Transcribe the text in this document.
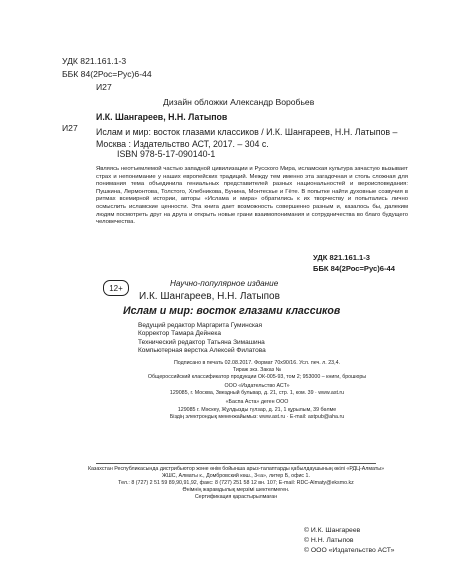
УДК 821.161.1-3
ББК 84(2Рос=Рус)6-44
И27
Дизайн обложки Александр Воробьев
И27
И.К. Шангареев, Н.Н. Латыпов
Ислам и мир: восток глазами классиков / И.К. Шангареев, Н.Н. Латыпов – Москва : Издательство АСТ, 2017. – 304 с.
ISBN 978-5-17-090140-1
Являясь неотъемлемой частью западной цивилизации и Русского Мира, исламская культура зачастую вызывает страх и непонимание у наших европейских традиций. Между тем именно эта загадочная и столь сложная для понимания тема объединила гениальных представителей разных национальностей и вероисповедания: Пушкина, Лермонтова, Толстого, Хлебникова, Бунина, Монтескье и Гёте. В попытке найти духовные созвучия в ритмах всемирной истории, авторы «Ислама и мира» обратились к их творчеству и попытались лично осмыслить исламские ценности. Эта книга дает возможность совершенно разным и, казалось бы, далеким людям посмотреть друг на друга и открыть новые грани взаимопонимания и сотрудничества во благо будущего человечества.
УДК 821.161.1-3
ББК 84(2Рос=Рус)6-44
12+	Научно-популярное издание
И.К. Шангареев, Н.Н. Латыпов
Ислам и мир: восток глазами классиков
Ведущий редактор Маргарита Гуминская
Корректор Тамара Дейнека
Технический редактор Татьяна Зимашина
Компьютерная верстка Алексей Филатова
Подписано в печать 02.08.2017. Формат 70х90/16. Усл. печ. л. 23,4.
Тираж экз. Заказ №
Общероссийский классификатор продукции ОК-005-93, том 2; 953000 – книги, брошюры
ООО «Издательство АСТ»
129085, г. Москва, Звездный бульвар, д. 21, стр. 1, ком. 39 · www.ast.ru
«Баспа Аста» деген ООО
129085 г. Мәскеу, Жұлдызды гүлзар, д. 21, 1 құрылым, 39 бөлме
Біздің электрондық мекенжайымыз: www.ast.ru · E-mail: astpub@aha.ru
Казахстан Республикасында дистрибьютор және өнім бойынша арыз-талаптарды қабылдаушының өкілі «РДЦ-Алматы»
ЖШС, Алматы к., Домбровский көш., 3«а», литер Б, офис 1.
Тел.: 8 (727) 2 51 59 89,90,91,92, факс: 8 (727) 251 58 12 вн. 107; E-mail: RDC-Almaty@eksmo.kz
Өнімнің жарамдылық мерзімі шектелмеген.
Сертификация қарастырылмаған
© И.К. Шангареев
© Н.Н. Латыпов
© ООО «Издательство АСТ»
